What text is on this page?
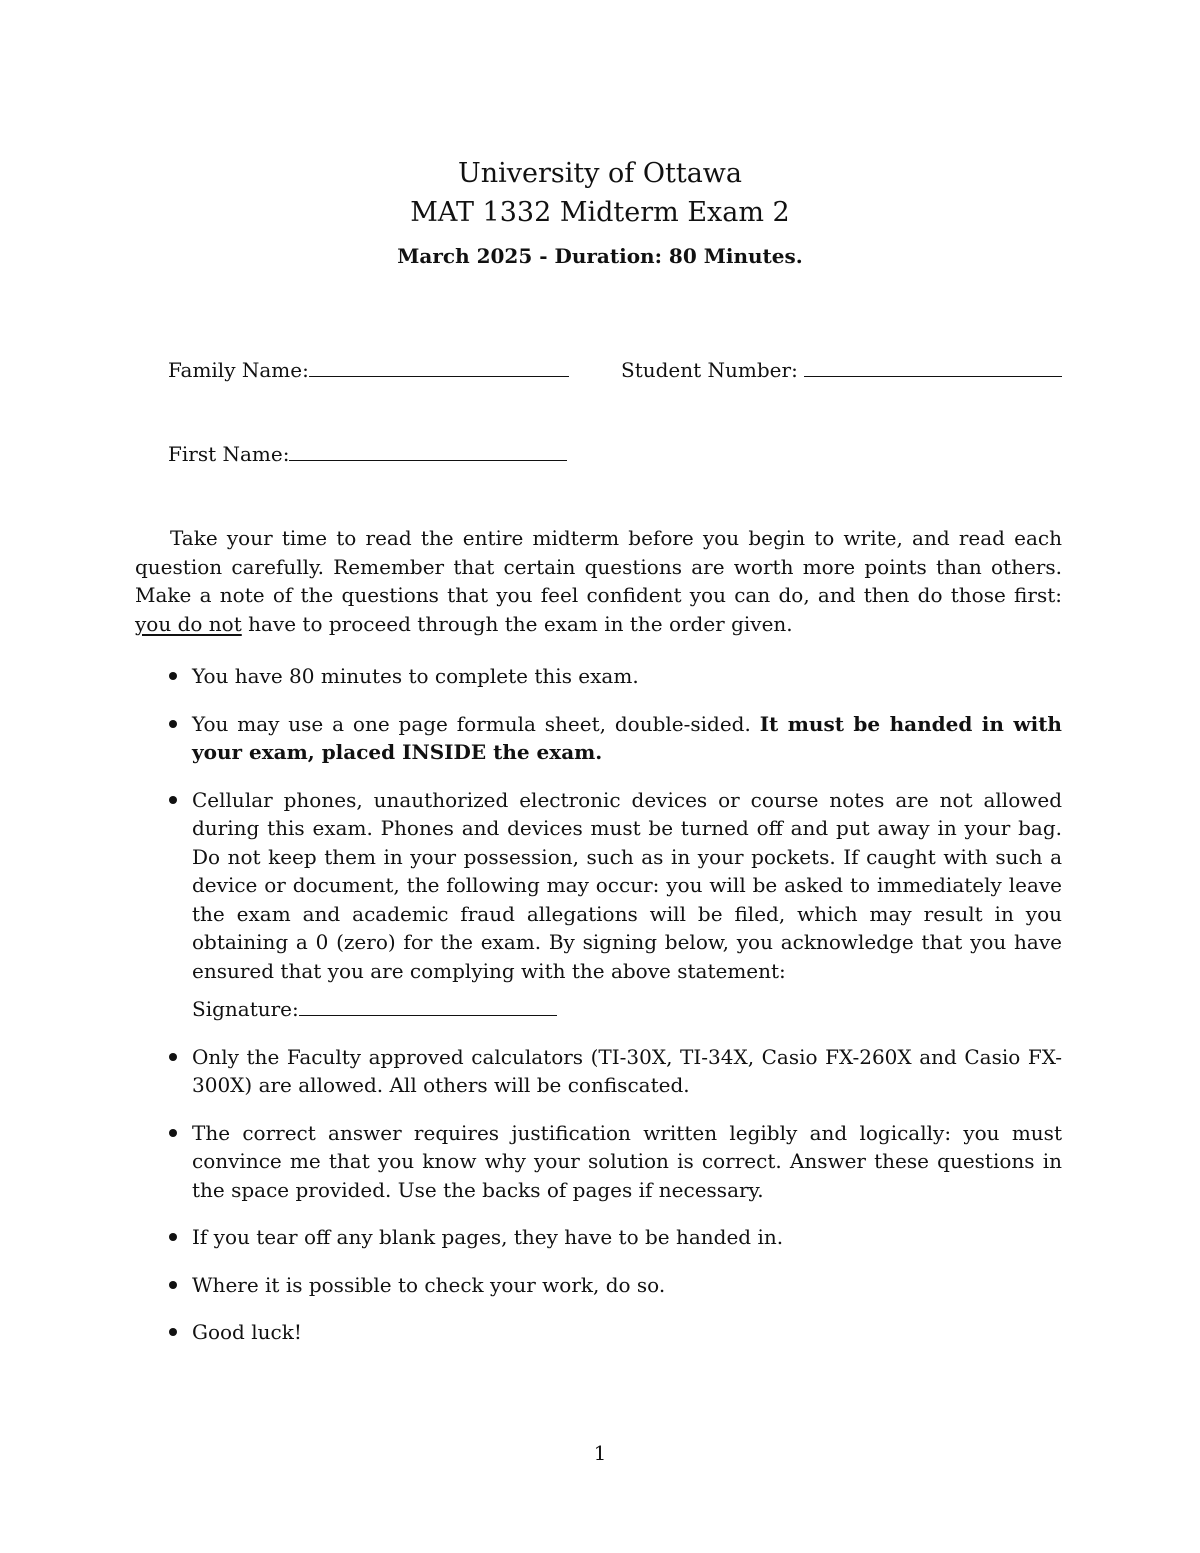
University of Ottawa
MAT 1332 Midterm Exam 2
March 2025 - Duration: 80 Minutes.
Family Name:	Student Number:
First Name:
Take your time to read the entire midterm before you begin to write, and read each question carefully. Remember that certain questions are worth more points than others. Make a note of the questions that you feel confident you can do, and then do those first: you do not have to proceed through the exam in the order given.
You have 80 minutes to complete this exam.
You may use a one page formula sheet, double-sided. It must be handed in with your exam, placed INSIDE the exam.
Cellular phones, unauthorized electronic devices or course notes are not allowed during this exam. Phones and devices must be turned off and put away in your bag. Do not keep them in your possession, such as in your pockets. If caught with such a device or document, the following may occur: you will be asked to immediately leave the exam and academic fraud allegations will be filed, which may result in you obtaining a 0 (zero) for the exam. By signing below, you acknowledge that you have ensured that you are complying with the above statement:
Signature:
Only the Faculty approved calculators (TI-30X, TI-34X, Casio FX-260X and Casio FX-300X) are allowed. All others will be confiscated.
The correct answer requires justification written legibly and logically: you must convince me that you know why your solution is correct. Answer these questions in the space provided. Use the backs of pages if necessary.
If you tear off any blank pages, they have to be handed in.
Where it is possible to check your work, do so.
Good luck!
1
